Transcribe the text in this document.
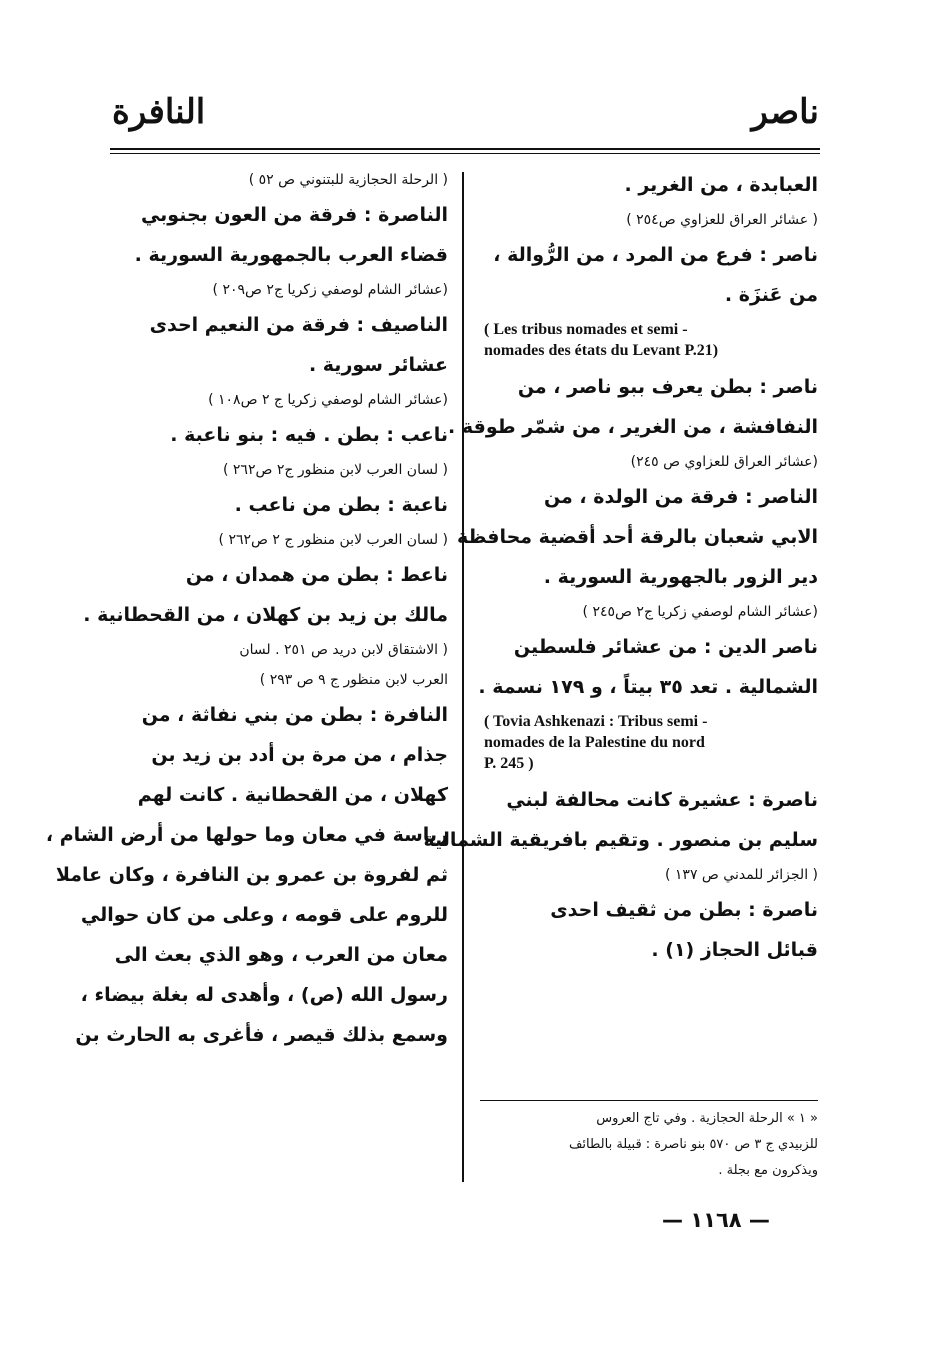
ناصر
النافرة
العبابدة ، من الغرير .
( عشائر العراق للعزاوي ص٢٥٤ )
ناصر : فرع من المرد ، من الرُّوالة ،
من عَنزَة .
( Les tribus nomades et semi -
nomades des états du Levant P.21)
ناصر : بطن يعرف ببو ناصر ، من
النفافشة ، من الغرير ، من شمّر طوقة .
(عشائر العراق للعزاوي ص ٢٤٥)
الناصر : فرقة من الولدة ، من
الابي شعبان بالرقة أحد أقضية محافظة
دير الزور بالجهورية السورية .
(عشائر الشام لوصفي زكريا ج٢ ص٢٤٥ )
ناصر الدين : من عشائر فلسطين
الشمالية . تعد ٣٥ بيتاً ، و ١٧٩ نسمة .
( Tovia Ashkenazi : Tribus semi -
nomades de la Palestine du nord
P. 245 )
ناصرة : عشيرة كانت محالفة لبني
سليم بن منصور . وتقيم بافريقية الشمالية
( الجزائر للمدني ص ١٣٧ )
ناصرة : بطن من ثقيف احدى
قبائل الحجاز (١) .
( الرحلة الحجازية للبتنوني ص ٥٢ )
الناصرة : فرقة من العون بجنوبي
قضاء العرب بالجمهورية السورية .
(عشائر الشام لوصفي زكريا ج٢ ص٢٠٩ )
الناصيف : فرقة من النعيم احدى
عشائر سورية .
(عشائر الشام لوصفي زكريا ج ٢ ص١٠٨ )
ناعب : بطن . فيه : بنو ناعبة .
( لسان العرب لابن منظور ج٢ ص٢٦٢ )
ناعبة : بطن من ناعب .
( لسان العرب لابن منظور ج ٢ ص٢٦٢ )
ناعط : بطن من همدان ، من
مالك بن زيد بن كهلان ، من القحطانية .
( الاشتقاق لابن دريد ص ٢٥١ . لسان
العرب لابن منظور ج ٩ ص ٢٩٣ )
النافرة : بطن من بني نفاثة ، من
جذام ، من مرة بن أدد بن زيد بن
كهلان ، من القحطانية . كانت لهم
رياسة في معان وما حولها من أرض الشام ،
ثم لفروة بن عمرو بن النافرة ، وكان عاملا
للروم على قومه ، وعلى من كان حوالي
معان من العرب ، وهو الذي بعث الى
رسول الله (ص) ، وأهدى له بغلة بيضاء ،
وسمع بذلك قيصر ، فأغرى به الحارث بن
« ١ » الرحلة الحجازية . وفي تاج العروس
للزبيدي ج ٣ ص ٥٧٠ بنو ناصرة : قبيلة بالطائف
ويذكرون مع بجلة .
— ١١٦٨ —
